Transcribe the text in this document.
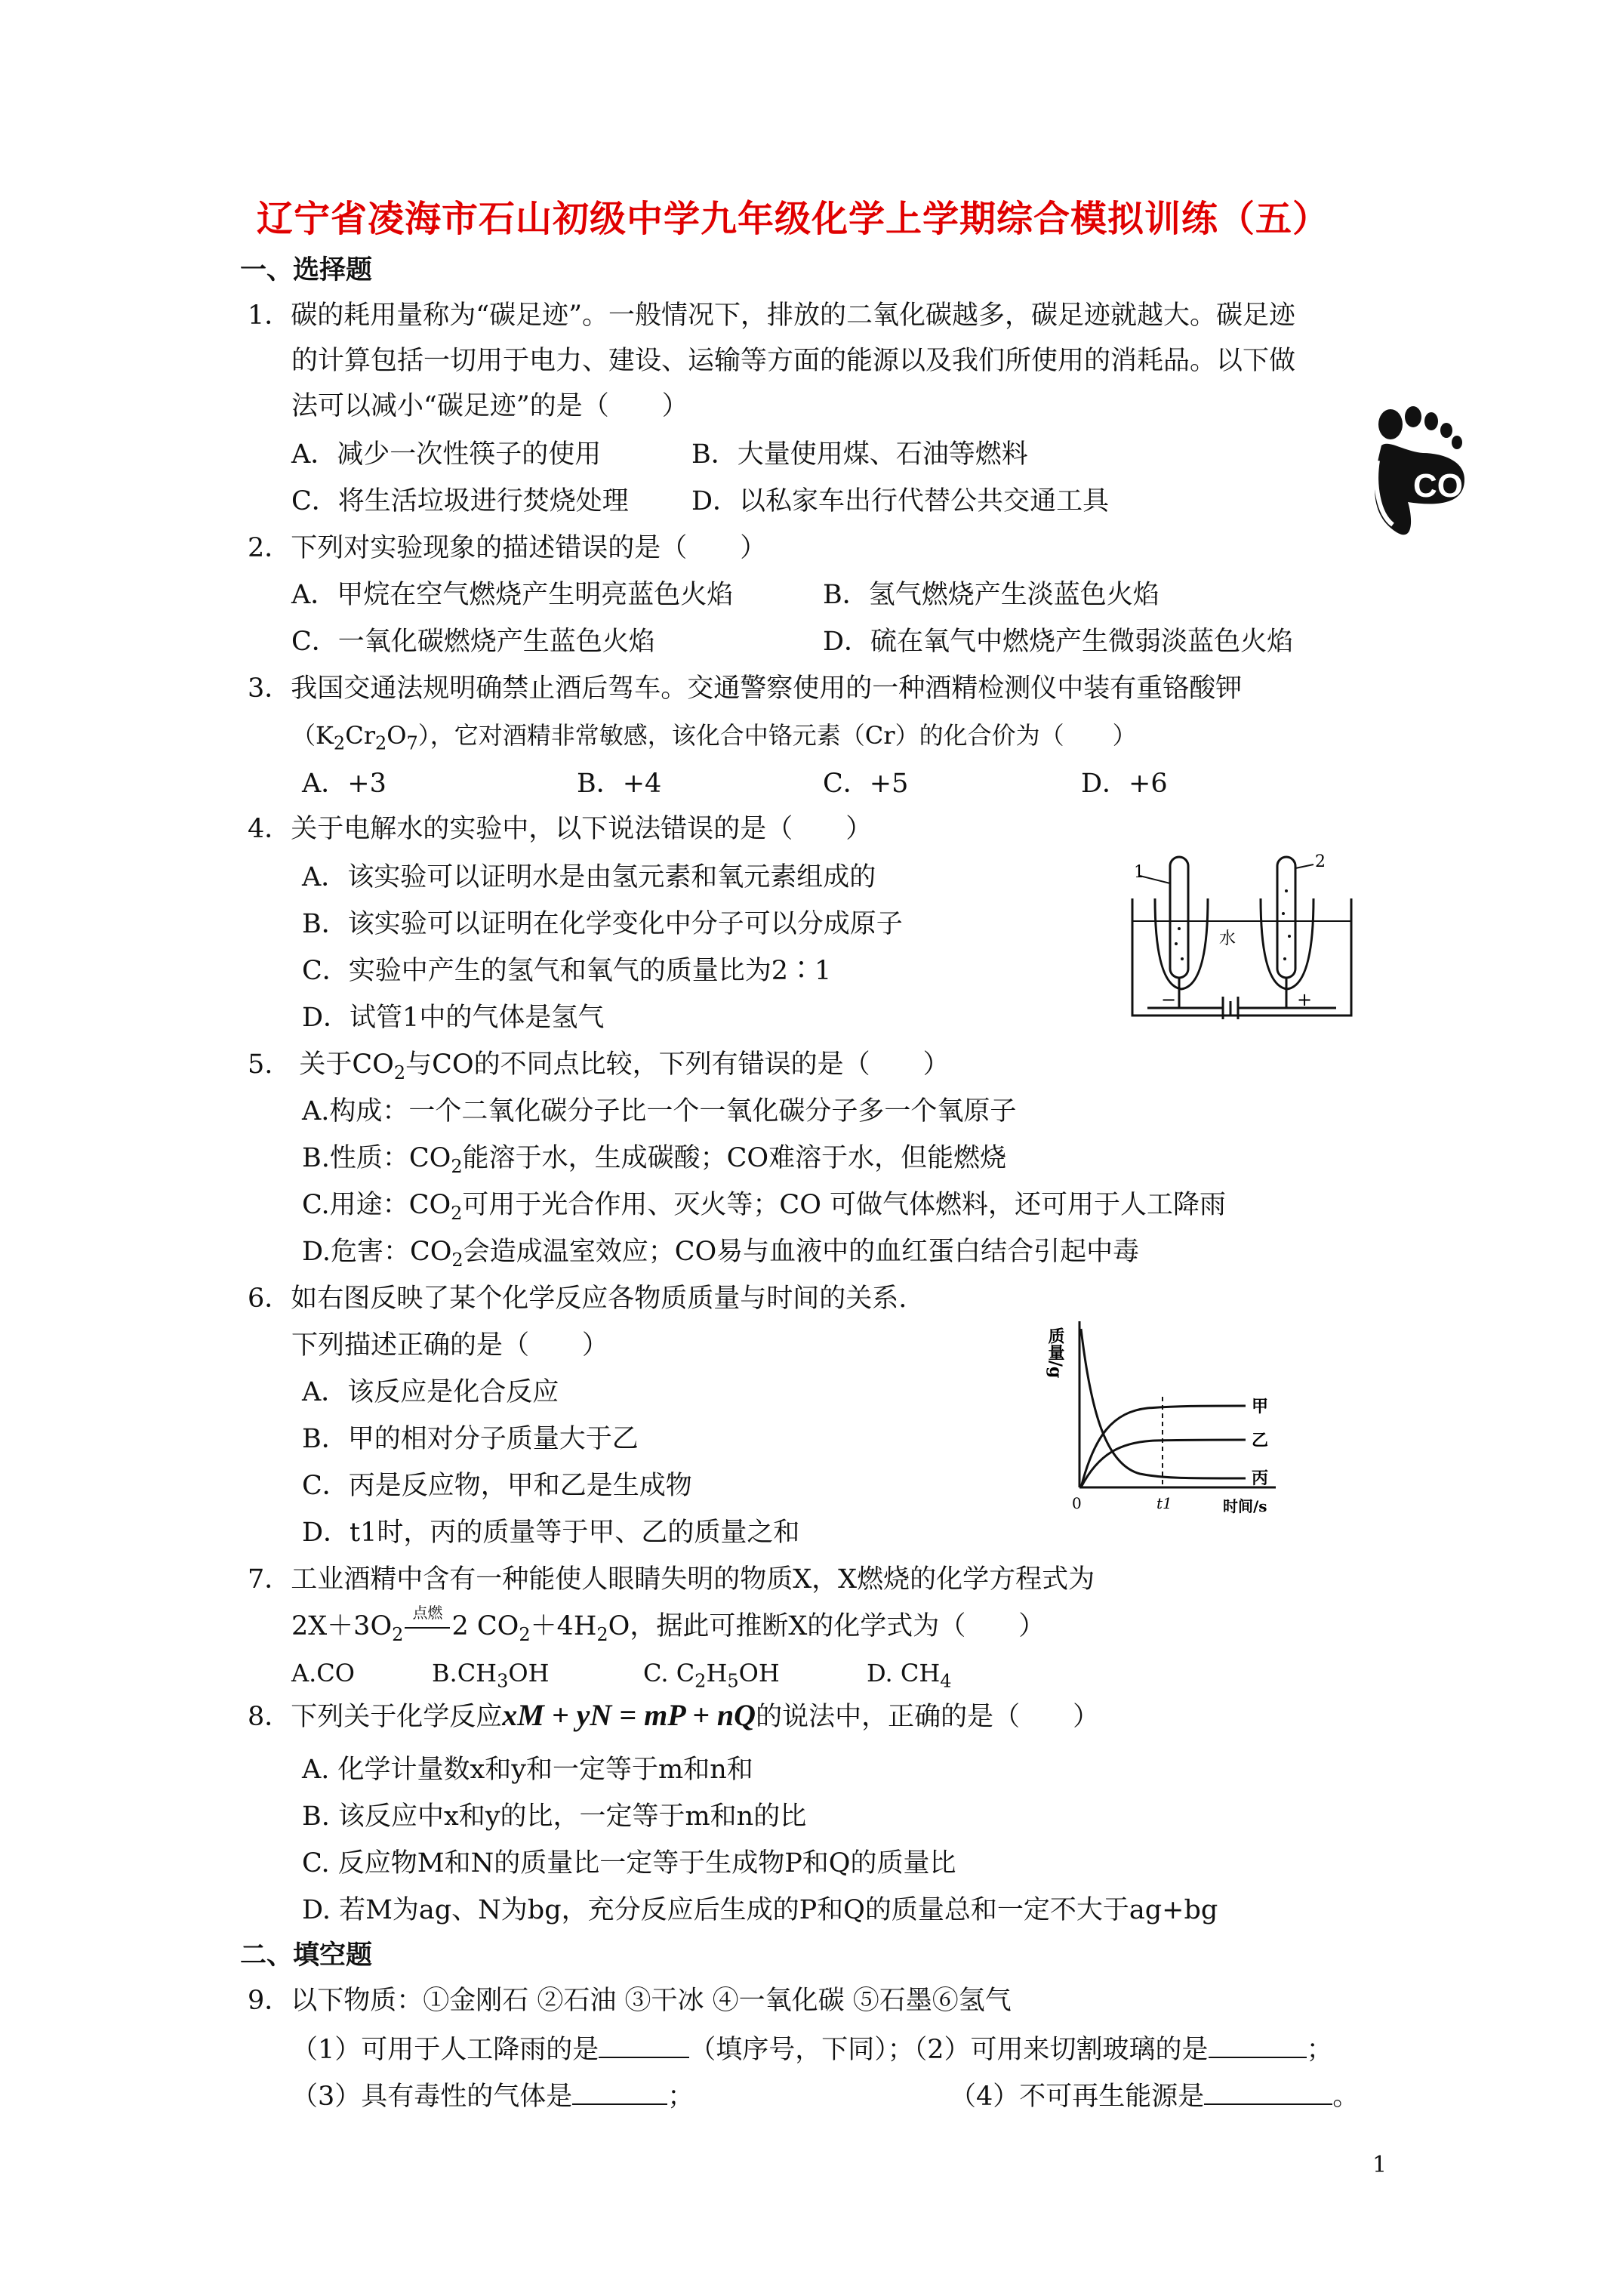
辽宁省凌海市石山初级中学九年级化学上学期综合模拟训练（五）
一、选择题
1．碳的耗用量称为“碳足迹”。一般情况下，排放的二氧化碳越多，碳足迹就越大。碳足迹
的计算包括一切用于电力、建设、运输等方面的能源以及我们所使用的消耗品。以下做
法可以减小“碳足迹”的是（　　）
A．减少一次性筷子的使用	B．大量使用煤、石油等燃料
C．将生活垃圾进行焚烧处理 D．以私家车出行代替公共交通工具	CO2
2．下列对实验现象的描述错误的是（　　）
A．甲烷在空气燃烧产生明亮蓝色火焰	B．氢气燃烧产生淡蓝色火焰
C．一氧化碳燃烧产生蓝色火焰	D．硫在氧气中燃烧产生微弱淡蓝色火焰
3．我国交通法规明确禁止酒后驾车。交通警察使用的一种酒精检测仪中装有重铬酸钾
$(K_2Cr_2O_7)$，它对酒精非常敏感，该化合中铬元素（Cr）的化合价为（　　）
A．+3	B．+4	C．+5	D．+6
4．关于电解水的实验中，以下说法错误的是（　　）
A．该实验可以证明水是由氢元素和氧元素组成的
B．该实验可以证明在化学变化中分子可以分成原子
C．实验中产生的氢气和氧气的质量比为2∶1
D．试管1中的气体是氢气
1
2
水
−	+
5.　关于$CO_2$与CO的不同点比较，下列有错误的是（　　）
A.构成：一个二氧化碳分子比一个一氧化碳分子多一个氧原子
B.性质：$CO_2$能溶于水，生成碳酸；CO难溶于水，但能燃烧
C.用途：$CO_2$可用于光合作用、灭火等；CO 可做气体燃料，还可用于人工降雨
D.危害：$CO_2$会造成温室效应；CO易与血液中的血红蛋白结合引起中毒
6．如右图反映了某个化学反应各物质质量与时间的关系.
下列描述正确的是（　　）
A．该反应是化合反应
B．甲的相对分子质量大于乙
C．丙是反应物，甲和乙是生成物
D．t1时，丙的质量等于甲、乙的质量之和
质量/g
0	t1	时间/s
甲
乙
丙
7．工业酒精中含有一种能使人眼睛失明的物质X，X燃烧的化学方程式为
$2X+3O_2$
点燃 2 $CO_2+4H_2O$，据此可推断X的化学式为（　　）
A.CO	$B.CH_3OH$	C. $C_2H_5OH$	D. $CH_4$
8．下列关于化学反应xM + yN = mP + nQ的说法中，正确的是（　　）
A. 化学计量数x和y和一定等于m和n和
B. 该反应中x和y的比，一定等于m和n的比
C. 反应物M和N的质量比一定等于生成物P和Q的质量比
D. 若M为ag、N为bg，充分反应后生成的P和Q的质量总和一定不大于ag+bg
二、填空题
9．以下物质：①金刚石 ②石油 ③干冰 ④一氧化碳 ⑤石墨⑥氢气
（1）可用于人工降雨的是	（填序号，下同）；（2）可用来切割玻璃的是	；
（3）具有毒性的气体是	；	（4）不可再生能源是	。
1
